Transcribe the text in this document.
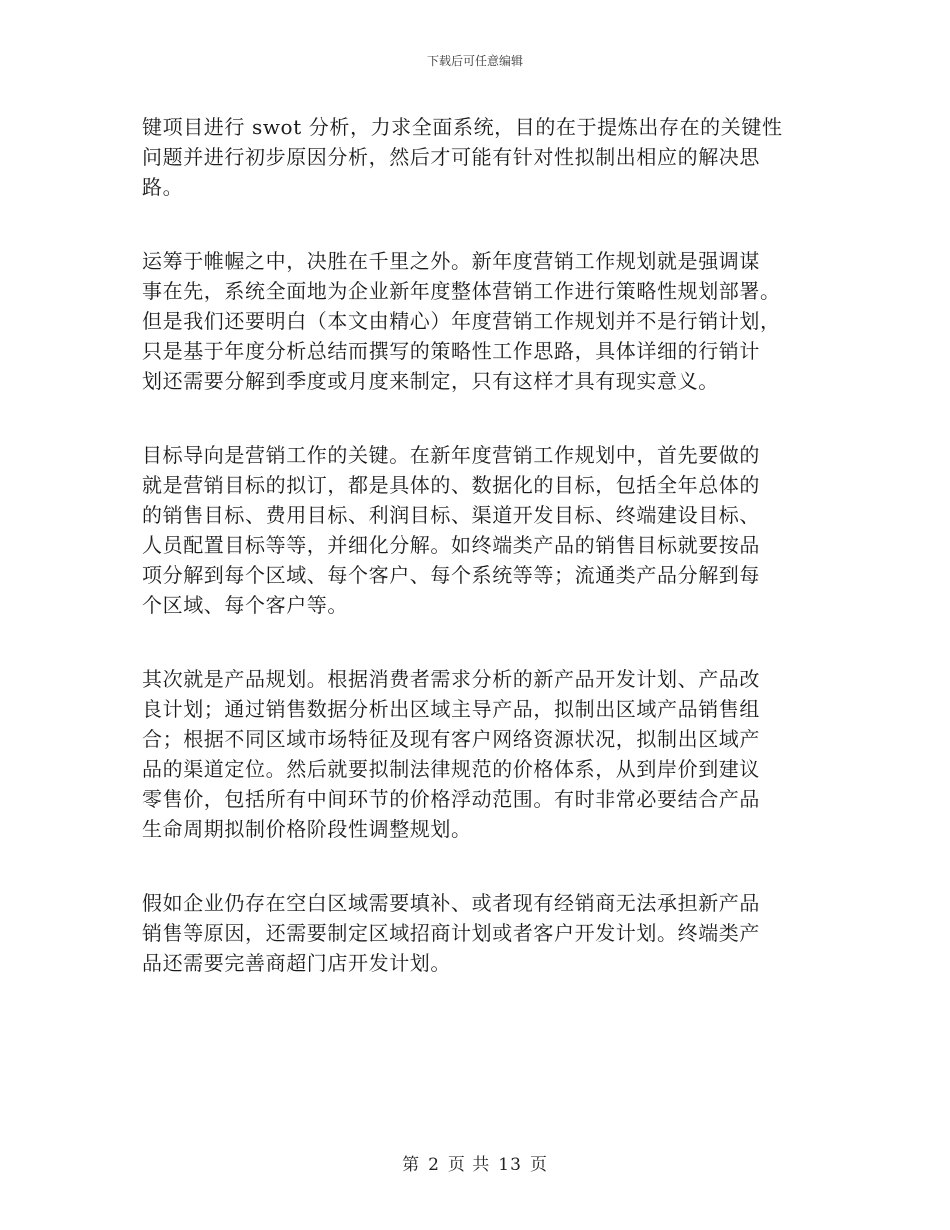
下载后可任意编辑
键项目进行 swot 分析，力求全面系统，目的在于提炼出存在的关键性
问题并进行初步原因分析，然后才可能有针对性拟制出相应的解决思
路。
运筹于帷幄之中，决胜在千里之外。新年度营销工作规划就是强调谋
事在先，系统全面地为企业新年度整体营销工作进行策略性规划部署。
但是我们还要明白（本文由精心）年度营销工作规划并不是行销计划，
只是基于年度分析总结而撰写的策略性工作思路，具体详细的行销计
划还需要分解到季度或月度来制定，只有这样才具有现实意义。
目标导向是营销工作的关键。在新年度营销工作规划中，首先要做的
就是营销目标的拟订，都是具体的、数据化的目标，包括全年总体的
的销售目标、费用目标、利润目标、渠道开发目标、终端建设目标、
人员配置目标等等，并细化分解。如终端类产品的销售目标就要按品
项分解到每个区域、每个客户、每个系统等等；流通类产品分解到每
个区域、每个客户等。
其次就是产品规划。根据消费者需求分析的新产品开发计划、产品改
良计划；通过销售数据分析出区域主导产品，拟制出区域产品销售组
合；根据不同区域市场特征及现有客户网络资源状况，拟制出区域产
品的渠道定位。然后就要拟制法律规范的价格体系，从到岸价到建议
零售价，包括所有中间环节的价格浮动范围。有时非常必要结合产品
生命周期拟制价格阶段性调整规划。
假如企业仍存在空白区域需要填补、或者现有经销商无法承担新产品
销售等原因，还需要制定区域招商计划或者客户开发计划。终端类产
品还需要完善商超门店开发计划。
第 2 页 共 13 页
